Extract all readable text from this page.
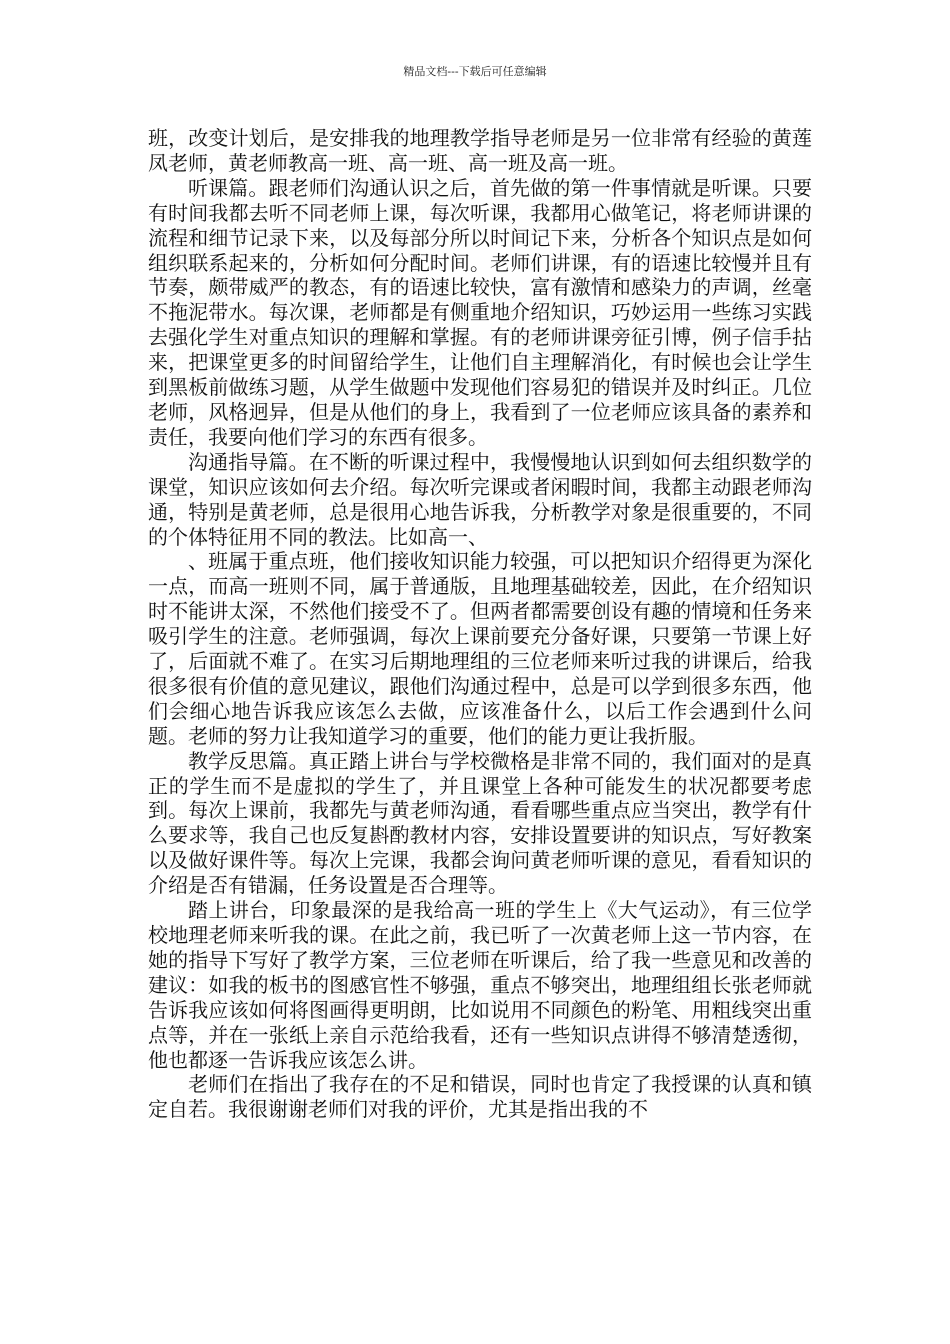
精品文档---下载后可任意编辑

班，改变计划后，是安排我的地理教学指导老师是另一位非常有经验的黄莲凤老师，黄老师教高一班、高一班、高一班及高一班。

听课篇。跟老师们沟通认识之后，首先做的第一件事情就是听课。只要有时间我都去听不同老师上课，每次听课，我都用心做笔记，将老师讲课的流程和细节记录下来，以及每部分所以时间记下来，分析各个知识点是如何组织联系起来的，分析如何分配时间。老师们讲课，有的语速比较慢并且有节奏，颇带威严的教态，有的语速比较快，富有激情和感染力的声调，丝毫不拖泥带水。每次课，老师都是有侧重地介绍知识，巧妙运用一些练习实践去强化学生对重点知识的理解和掌握。有的老师讲课旁征引博，例子信手拈来，把课堂更多的时间留给学生，让他们自主理解消化，有时候也会让学生到黑板前做练习题，从学生做题中发现他们容易犯的错误并及时纠正。几位老师，风格迥异，但是从他们的身上，我看到了一位老师应该具备的素养和责任，我要向他们学习的东西有很多。

沟通指导篇。在不断的听课过程中，我慢慢地认识到如何去组织数学的课堂，知识应该如何去介绍。每次听完课或者闲暇时间，我都主动跟老师沟通，特别是黄老师，总是很用心地告诉我，分析教学对象是很重要的，不同的个体特征用不同的教法。比如高一、

、班属于重点班，他们接收知识能力较强，可以把知识介绍得更为深化一点，而高一班则不同，属于普通版，且地理基础较差，因此，在介绍知识时不能讲太深，不然他们接受不了。但两者都需要创设有趣的情境和任务来吸引学生的注意。老师强调，每次上课前要充分备好课，只要第一节课上好了，后面就不难了。在实习后期地理组的三位老师来听过我的讲课后，给我很多很有价值的意见建议，跟他们沟通过程中，总是可以学到很多东西，他们会细心地告诉我应该怎么去做，应该准备什么，以后工作会遇到什么问题。老师的努力让我知道学习的重要，他们的能力更让我折服。

教学反思篇。真正踏上讲台与学校微格是非常不同的，我们面对的是真正的学生而不是虚拟的学生了，并且课堂上各种可能发生的状况都要考虑到。每次上课前，我都先与黄老师沟通，看看哪些重点应当突出，教学有什么要求等，我自己也反复斟酌教材内容，安排设置要讲的知识点，写好教案以及做好课件等。每次上完课，我都会询问黄老师听课的意见，看看知识的介绍是否有错漏，任务设置是否合理等。

踏上讲台，印象最深的是我给高一班的学生上《大气运动》，有三位学校地理老师来听我的课。在此之前，我已听了一次黄老师上这一节内容，在她的指导下写好了教学方案，三位老师在听课后，给了我一些意见和改善的建议：如我的板书的图感官性不够强，重点不够突出，地理组组长张老师就告诉我应该如何将图画得更明朗，比如说用不同颜色的粉笔、用粗线突出重点等，并在一张纸上亲自示范给我看，还有一些知识点讲得不够清楚透彻，他也都逐一告诉我应该怎么讲。

老师们在指出了我存在的不足和错误，同时也肯定了我授课的认真和镇定自若。我很谢谢老师们对我的评价，尤其是指出我的不
